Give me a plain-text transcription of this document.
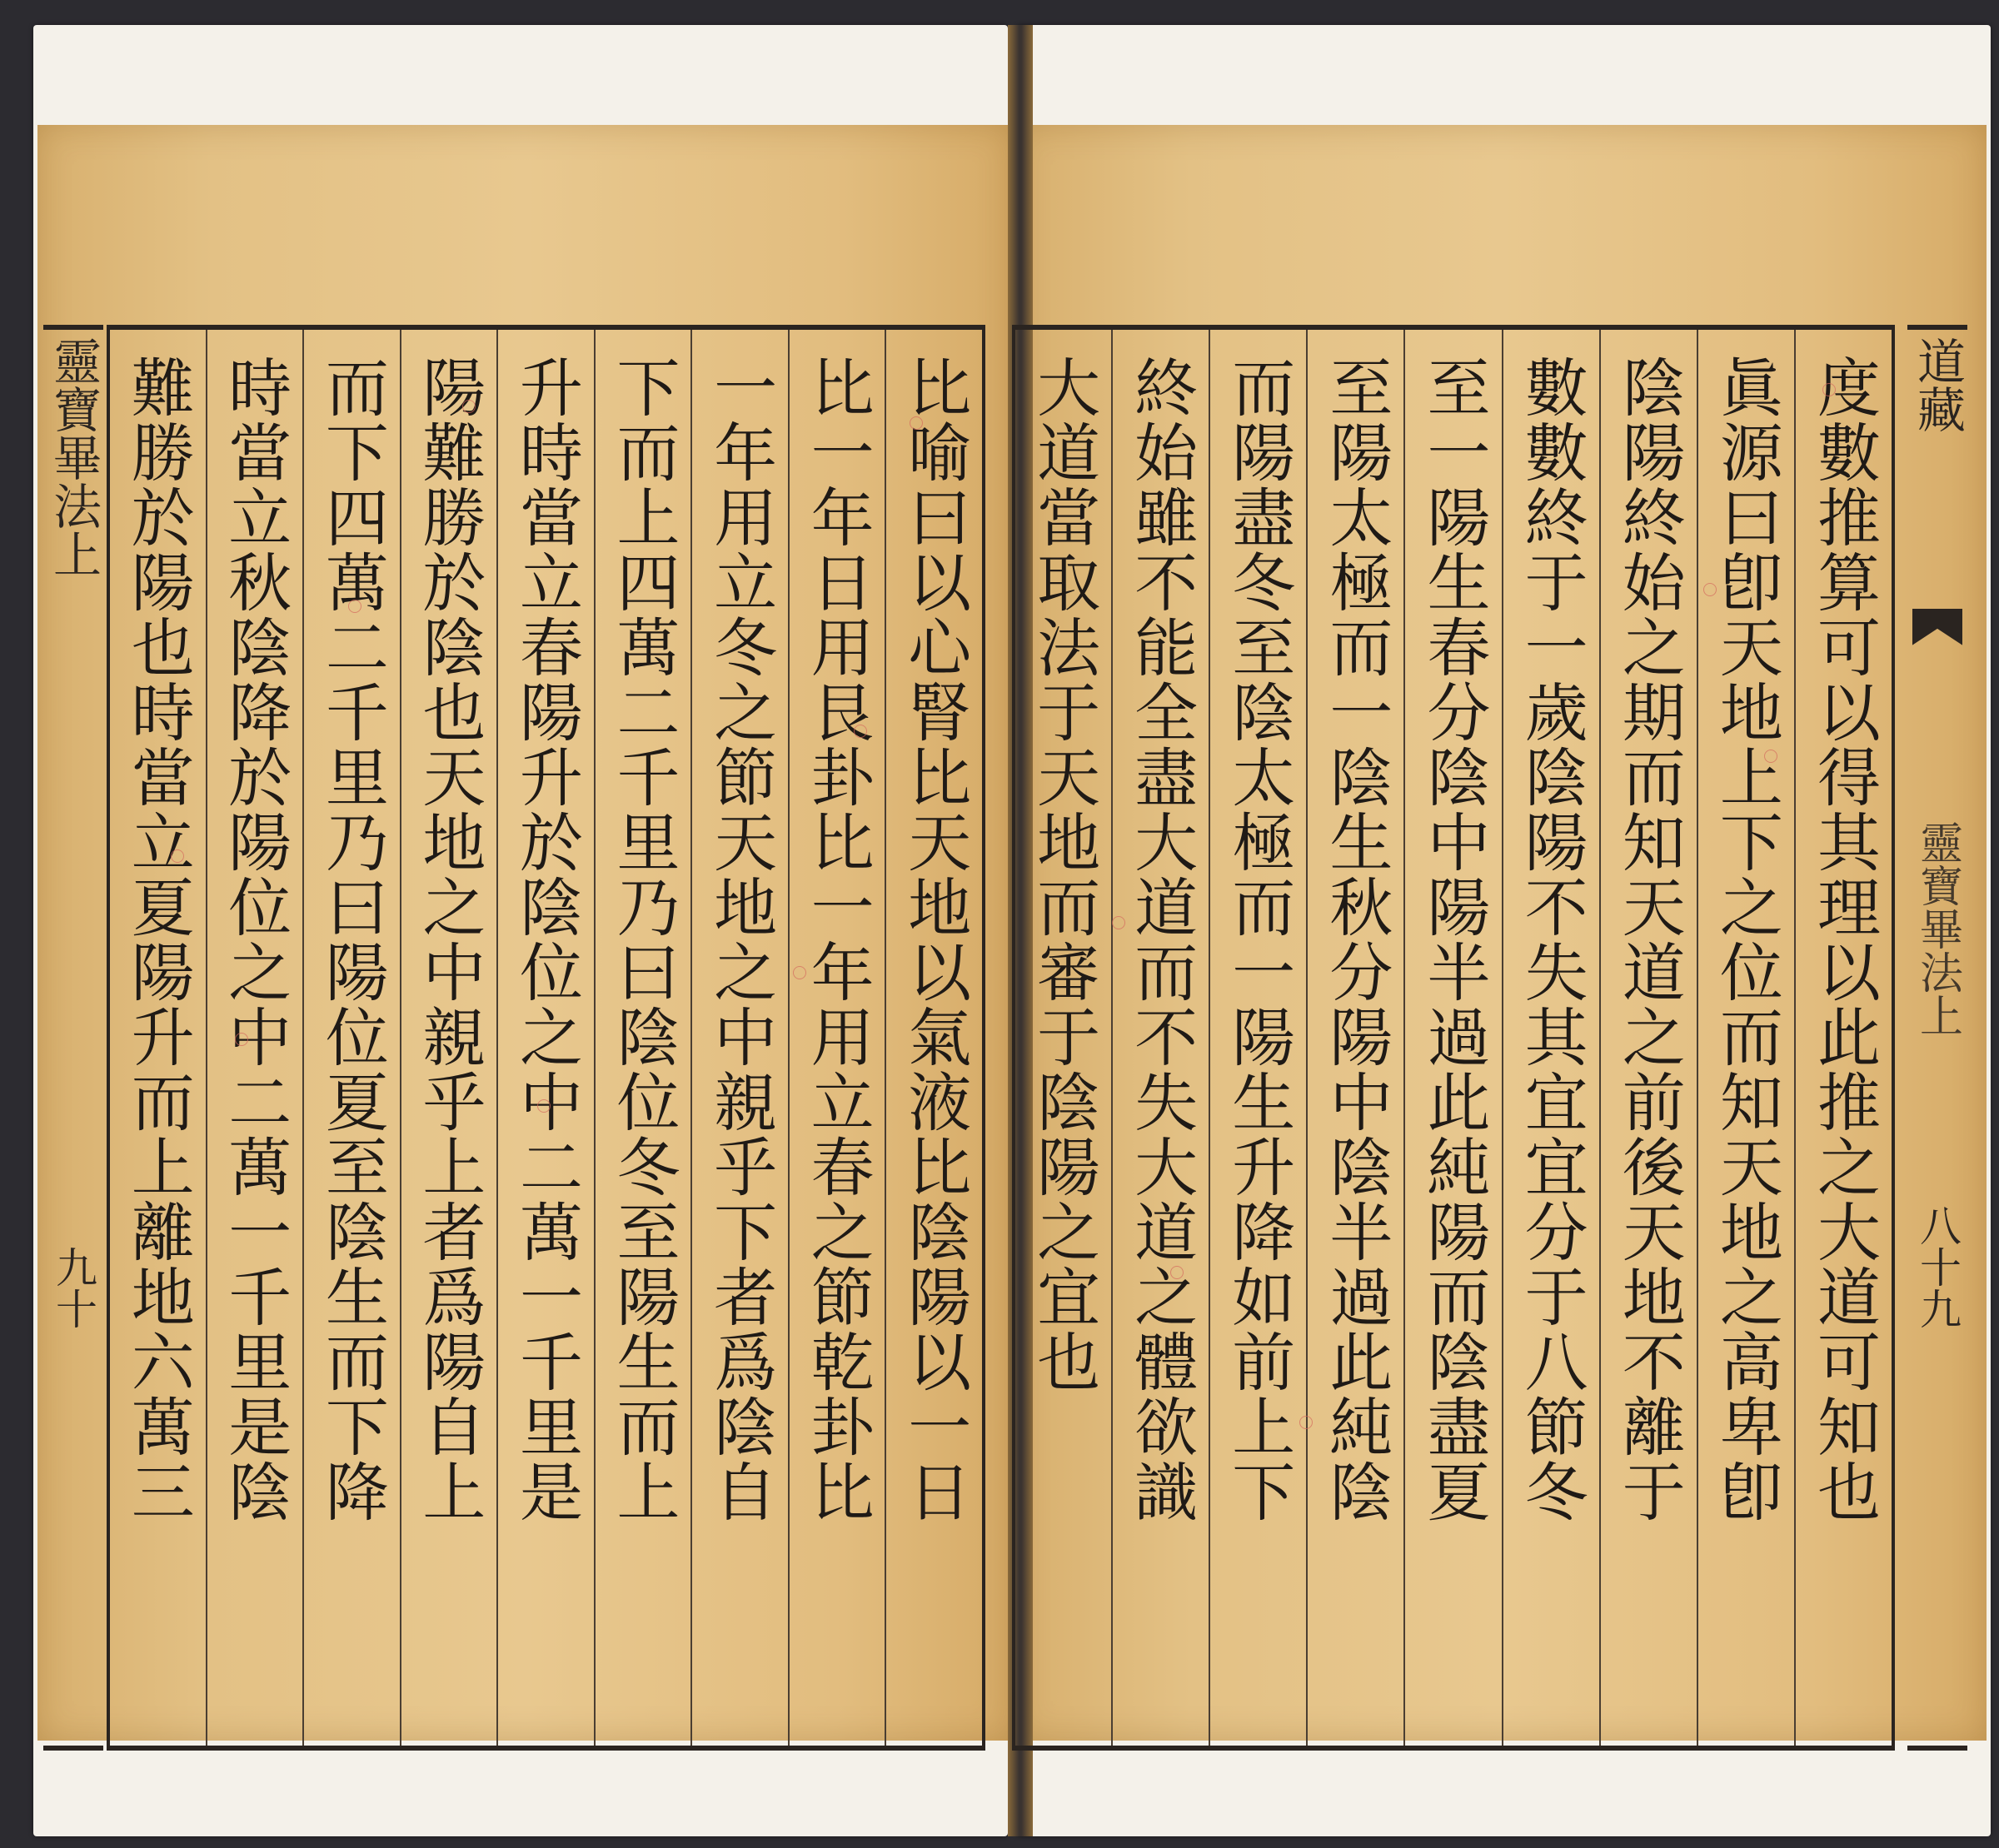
靈寶畢法上
九十	比喻曰以心腎比天地以氣液比陰陽以一日
比一年日用艮卦比一年用立春之節乾卦比
一年用立冬之節天地之中親乎下者爲陰自
下而上四萬二千里乃曰陰位冬至陽生而上
升時當立春陽升於陰位之中二萬一千里是
陽難勝於陰也天地之中親乎上者爲陽自上
而下四萬二千里乃曰陽位夏至陰生而下降
時當立秋陰降於陽位之中二萬一千里是陰
難勝於陽也時當立夏陽升而上離地六萬三	度數推算可以得其理以此推之大道可知也
眞源曰卽天地上下之位而知天地之高卑卽
陰陽終始之期而知天道之前後天地不離于
數數終于一歲陰陽不失其宜宜分于八節冬
至一陽生春分陰中陽半過此純陽而陰盡夏
至陽太極而一陰生秋分陽中陰半過此純陰
而陽盡冬至陰太極而一陽生升降如前上下
終始雖不能全盡大道而不失大道之體欲識
大道當取法于天地而審于陰陽之宜也	道藏
靈寶畢法上
八十九
